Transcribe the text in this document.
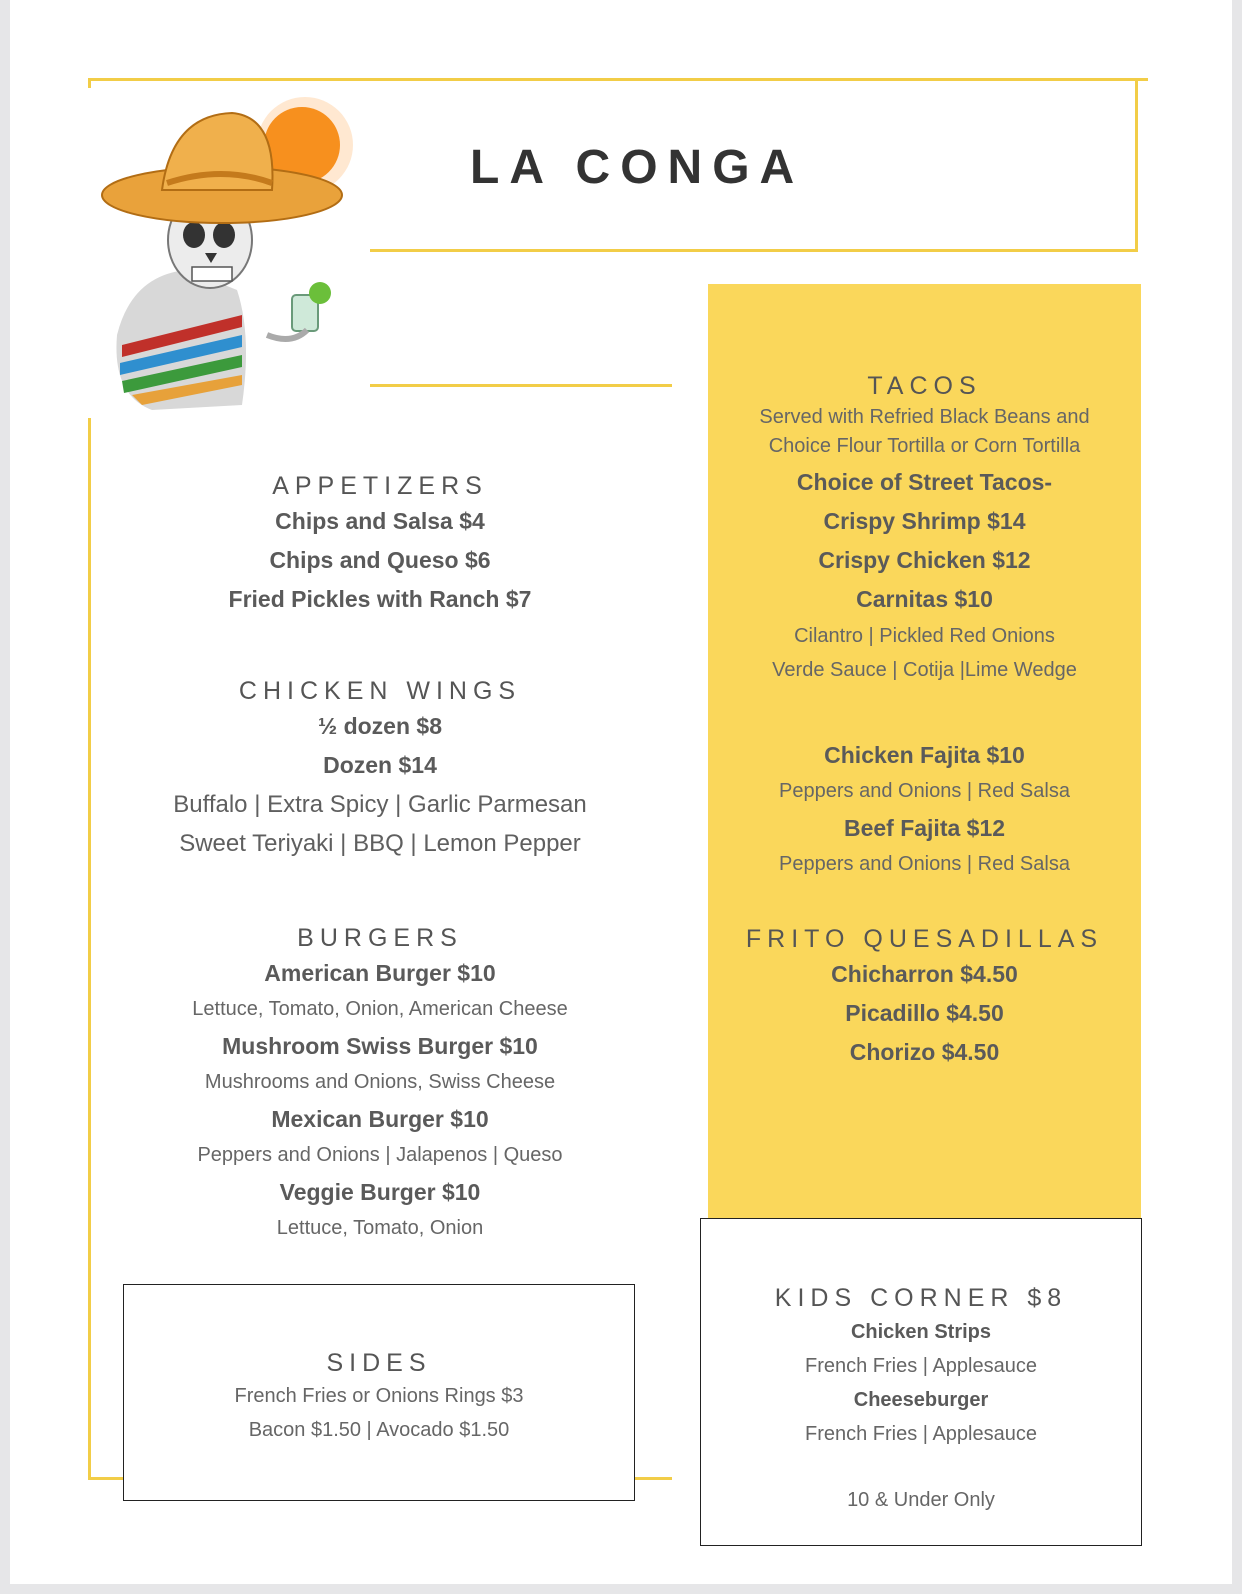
LA CONGA
APPETIZERS
Chips and Salsa $4
Chips and Queso $6
Fried Pickles with Ranch $7
CHICKEN WINGS
½ dozen $8
Dozen $14
Buffalo | Extra Spicy | Garlic Parmesan
Sweet Teriyaki | BBQ | Lemon Pepper
BURGERS
American Burger $10
Lettuce, Tomato, Onion, American Cheese
Mushroom Swiss Burger $10
Mushrooms and Onions, Swiss Cheese
Mexican Burger $10
Peppers and Onions | Jalapenos | Queso
Veggie Burger $10
Lettuce, Tomato, Onion
SIDES
French Fries or Onions Rings $3
Bacon $1.50 | Avocado $1.50
TACOS
Served with Refried Black Beans and
Choice Flour Tortilla or Corn Tortilla
Choice of Street Tacos-
Crispy Shrimp $14
Crispy Chicken $12
Carnitas $10
Cilantro | Pickled Red Onions
Verde Sauce | Cotija |Lime Wedge
Chicken Fajita $10
Peppers and Onions | Red Salsa
Beef Fajita $12
Peppers and Onions | Red Salsa
FRITO QUESADILLAS
Chicharron $4.50
Picadillo $4.50
Chorizo $4.50
KIDS CORNER $8
Chicken Strips
French Fries | Applesauce
Cheeseburger
French Fries | Applesauce
10 & Under Only
